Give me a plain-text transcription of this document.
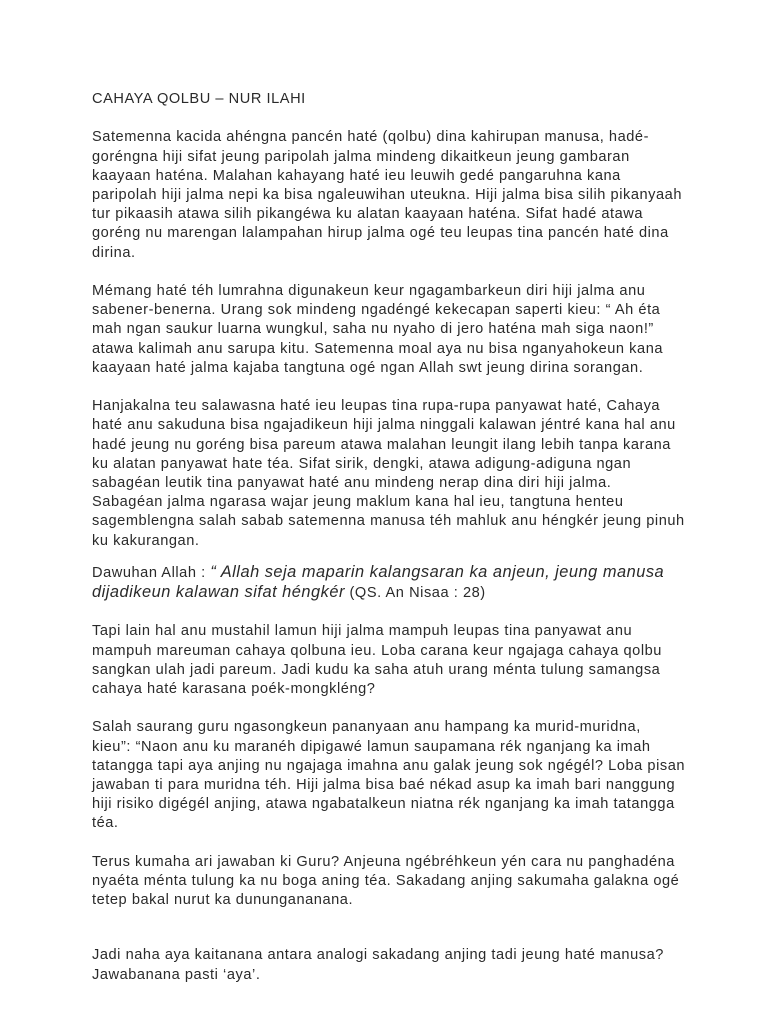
CAHAYA QOLBU – NUR ILAHI
Satemenna kacida ahéngna pancén haté (qolbu) dina kahirupan manusa, hadé-
goréngna hiji sifat jeung paripolah jalma mindeng dikaitkeun jeung gambaran
kaayaan haténa. Malahan kahayang haté ieu leuwih gedé pangaruhna kana
paripolah hiji jalma nepi ka bisa ngaleuwihan uteukna. Hiji jalma bisa silih pikanyaah
tur pikaasih atawa silih pikangéwa ku alatan kaayaan haténa. Sifat hadé atawa
goréng nu marengan lalampahan hirup jalma ogé teu leupas tina pancén haté dina
dirina.
Mémang haté téh lumrahna digunakeun keur ngagambarkeun diri hiji jalma anu
sabener-benerna. Urang sok mindeng ngadéngé kekecapan saperti kieu: “ Ah éta
mah ngan saukur luarna wungkul, saha nu nyaho di jero haténa mah siga naon!”
atawa kalimah anu sarupa kitu. Satemenna moal aya nu bisa nganyahokeun kana
kaayaan haté jalma kajaba tangtuna ogé ngan Allah swt jeung dirina sorangan.
Hanjakalna teu salawasna haté ieu leupas tina rupa-rupa panyawat haté, Cahaya
haté anu sakuduna bisa ngajadikeun hiji jalma ninggali kalawan jéntré kana hal anu
hadé jeung nu goréng bisa pareum atawa malahan leungit ilang lebih tanpa karana
ku alatan panyawat hate téa. Sifat sirik, dengki, atawa adigung-adiguna ngan
sabagéan leutik tina panyawat haté anu mindeng nerap dina diri hiji jalma.
Sabagéan jalma ngarasa wajar jeung maklum kana hal ieu, tangtuna henteu
sagemblengna salah sabab satemenna manusa téh mahluk anu héngkér jeung pinuh
ku kakurangan.
Dawuhan Allah : “ Allah seja maparin kalangsaran ka anjeun, jeung manusa
dijadikeun kalawan sifat héngkér (QS. An Nisaa : 28)
Tapi lain hal anu mustahil lamun hiji jalma mampuh leupas tina panyawat anu
mampuh mareuman cahaya qolbuna ieu. Loba carana keur ngajaga cahaya qolbu
sangkan ulah jadi pareum. Jadi kudu ka saha atuh urang ménta tulung samangsa
cahaya haté karasana poék-mongkléng?
Salah saurang guru ngasongkeun pananyaan anu hampang ka murid-muridna,
kieu”: “Naon anu ku maranéh dipigawé lamun saupamana rék nganjang ka imah
tatangga tapi aya anjing nu ngajaga imahna anu galak jeung sok ngégél? Loba pisan
jawaban ti para muridna téh. Hiji jalma bisa baé nékad asup ka imah bari nanggung
hiji risiko digégél anjing, atawa ngabatalkeun niatna rék nganjang ka imah tatangga
téa.
Terus kumaha ari jawaban ki Guru? Anjeuna ngébréhkeun yén cara nu panghadéna
nyaéta ménta tulung ka nu boga aning téa. Sakadang anjing sakumaha galakna ogé
tetep bakal nurut ka dunungananana.
Jadi naha aya kaitanana antara analogi sakadang anjing tadi jeung haté manusa?
Jawabanana pasti ‘aya’.
